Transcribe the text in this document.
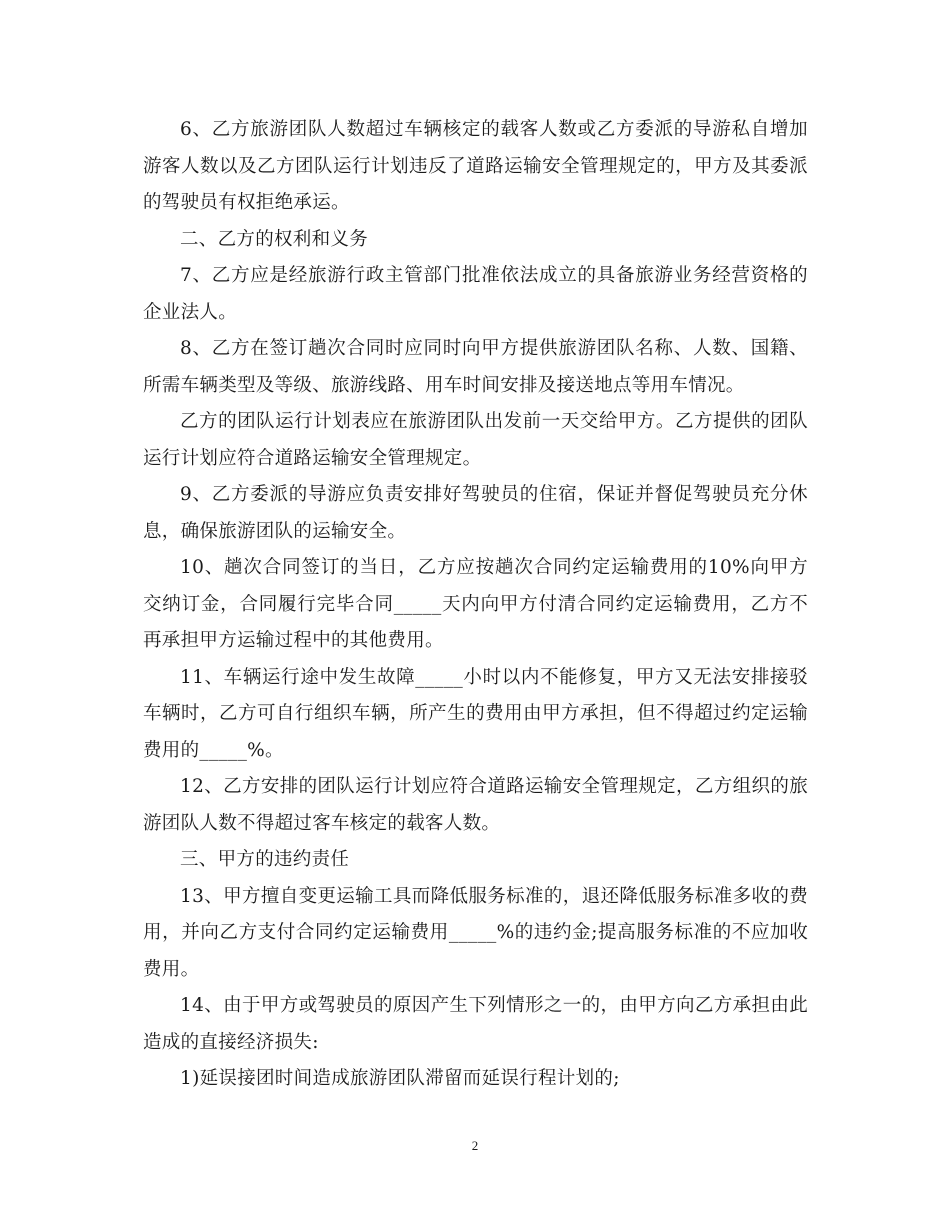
6、乙方旅游团队人数超过车辆核定的载客人数或乙方委派的导游私自增加游客人数以及乙方团队运行计划违反了道路运输安全管理规定的，甲方及其委派的驾驶员有权拒绝承运。

二、乙方的权利和义务

7、乙方应是经旅游行政主管部门批准依法成立的具备旅游业务经营资格的企业法人。

8、乙方在签订趟次合同时应同时向甲方提供旅游团队名称、人数、国籍、所需车辆类型及等级、旅游线路、用车时间安排及接送地点等用车情况。

乙方的团队运行计划表应在旅游团队出发前一天交给甲方。乙方提供的团队运行计划应符合道路运输安全管理规定。

9、乙方委派的导游应负责安排好驾驶员的住宿，保证并督促驾驶员充分休息，确保旅游团队的运输安全。

10、趟次合同签订的当日，乙方应按趟次合同约定运输费用的10%向甲方交纳订金，合同履行完毕合同_____天内向甲方付清合同约定运输费用，乙方不再承担甲方运输过程中的其他费用。

11、车辆运行途中发生故障_____小时以内不能修复，甲方又无法安排接驳车辆时，乙方可自行组织车辆，所产生的费用由甲方承担，但不得超过约定运输费用的_____%。

12、乙方安排的团队运行计划应符合道路运输安全管理规定，乙方组织的旅游团队人数不得超过客车核定的载客人数。

三、甲方的违约责任

13、甲方擅自变更运输工具而降低服务标准的，退还降低服务标准多收的费用，并向乙方支付合同约定运输费用_____%的违约金;提高服务标准的不应加收费用。

14、由于甲方或驾驶员的原因产生下列情形之一的，由甲方向乙方承担由此造成的直接经济损失:

1)延误接团时间造成旅游团队滞留而延误行程计划的;

2
